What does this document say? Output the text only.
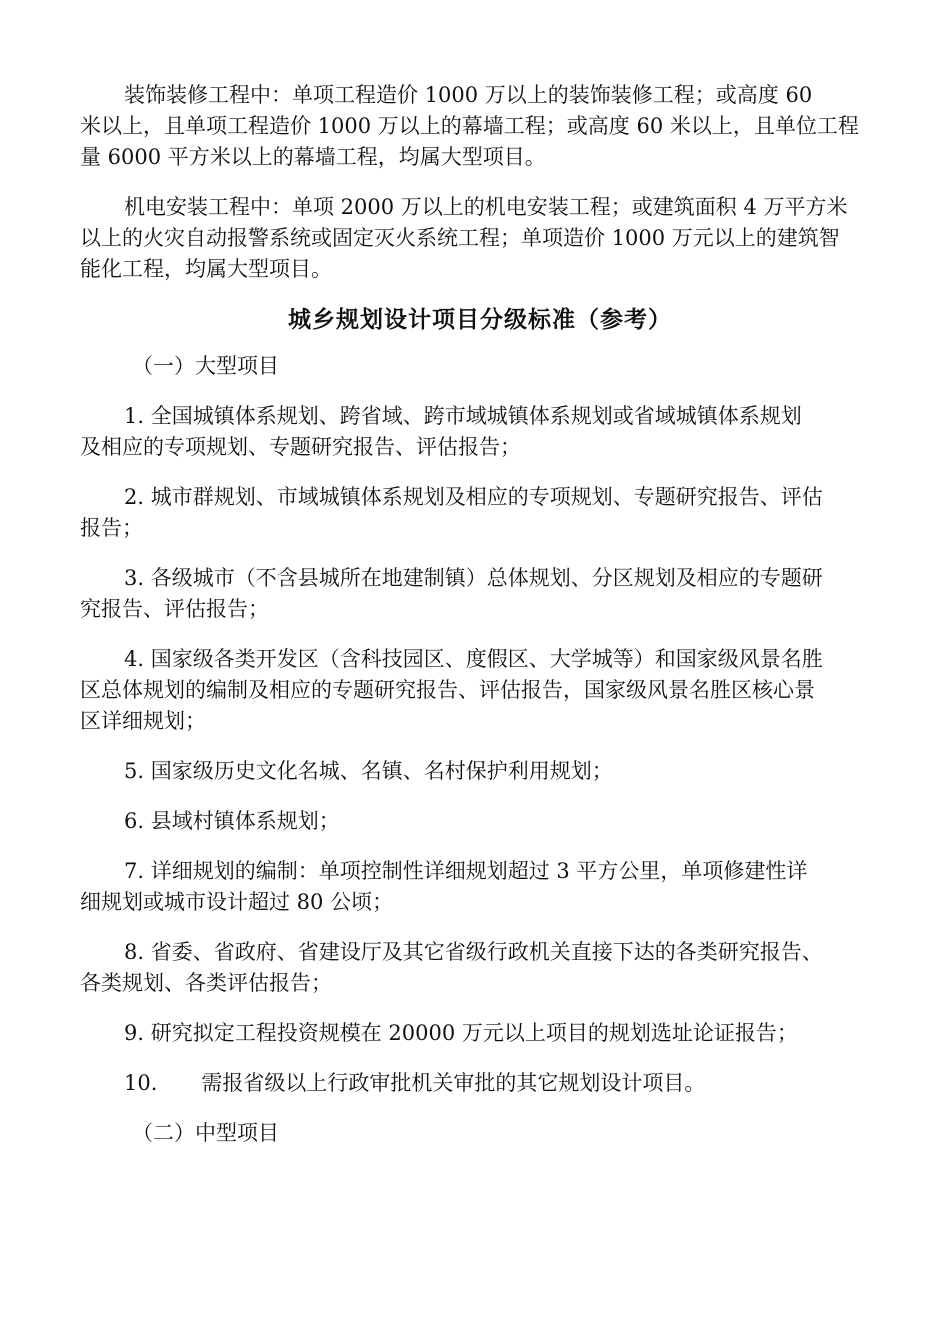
装饰装修工程中：单项工程造价 1000 万以上的装饰装修工程；或高度 60
米以上，且单项工程造价 1000 万以上的幕墙工程；或高度 60 米以上，且单位工程
量 6000 平方米以上的幕墙工程，均属大型项目。
机电安装工程中：单项 2000 万以上的机电安装工程；或建筑面积 4 万平方米
以上的火灾自动报警系统或固定灭火系统工程；单项造价 1000 万元以上的建筑智
能化工程，均属大型项目。
城乡规划设计项目分级标准（参考）
（一）大型项目
1. 全国城镇体系规划、跨省域、跨市域城镇体系规划或省域城镇体系规划
及相应的专项规划、专题研究报告、评估报告；
2. 城市群规划、市域城镇体系规划及相应的专项规划、专题研究报告、评估
报告；
3. 各级城市（不含县城所在地建制镇）总体规划、分区规划及相应的专题研
究报告、评估报告；
4. 国家级各类开发区（含科技园区、度假区、大学城等）和国家级风景名胜
区总体规划的编制及相应的专题研究报告、评估报告，国家级风景名胜区核心景
区详细规划；
5. 国家级历史文化名城、名镇、名村保护利用规划；
6. 县域村镇体系规划；
7. 详细规划的编制：单项控制性详细规划超过 3 平方公里，单项修建性详
细规划或城市设计超过 80 公顷；
8. 省委、省政府、省建设厅及其它省级行政机关直接下达的各类研究报告、
各类规划、各类评估报告；
9. 研究拟定工程投资规模在 20000 万元以上项目的规划选址论证报告；
10. 需报省级以上行政审批机关审批的其它规划设计项目。
（二）中型项目
